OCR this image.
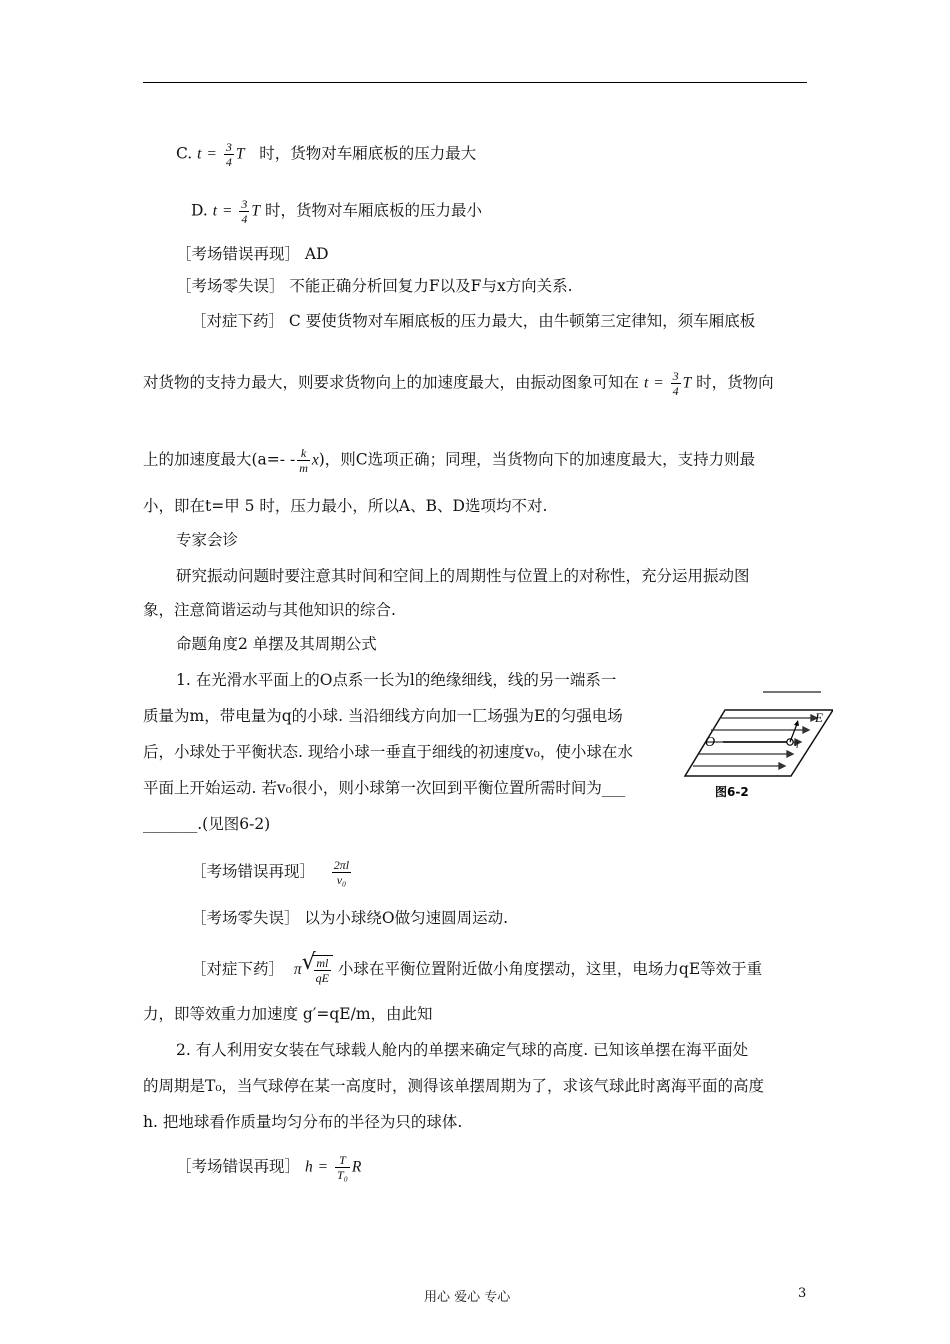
C. $t = \frac{3}{4}$ T 时，货物对车厢底板的压力最大
D. $t = \frac{3}{4}$ T 时，货物对车厢底板的压力最小
［考场错误再现］ AD
［考场零失误］ 不能正确分析回复力F以及F与x方向关系.
［对症下药］ C 要使货物对车厢底板的压力最大，由牛顿第三定律知，须车厢底板
对货物的支持力最大，则要求货物向上的加速度最大，由振动图象可知在 $t = \frac{3}{4}$ T 时，货物向
上的加速度最大$(a=- - \frac{k}{m} x)$，则C选项正确；同理，当货物向下的加速度最大，支持力则最
小，即在t=甲 5 时，压力最小，所以A、B、D选项均不对.
专家会诊
研究振动问题时要注意其时间和空间上的周期性与位置上的对称性，充分运用振动图
象，注意简谐运动与其他知识的综合.
命题角度2 单摆及其周期公式
1. 在光滑水平面上的O点系一长为l的绝缘细线，线的另一端系一
质量为m，带电量为q的小球. 当沿细线方向加一匸场强为E的匀强电场
后，小球处于平衡状态. 现给小球一垂直于细线的初速度v₀，使小球在水
平面上开始运动. 若v₀很小，则小球第一次回到平衡位置所需时间为___
_______.(见图6-2)
E
O	q
图6-2
［考场错误再现］ $\frac{2\pi l}{\text{v₀}}$
［考场零失误］ 以为小球绕O做匀速圆周运动.
［对症下药］ π √
$\frac{ml}{qE}$ 小球在平衡位置附近做小角度摆动，这里，电场力qE等效于重
力，即等效重力加速度 g′=qE/m，由此知
2. 有人利用安女装在气球载人舱内的单摆来确定气球的高度. 已知该单摆在海平面处
的周期是T₀，当气球停在某一高度时，测得该单摆周期为了，求该气球此时离海平面的高度
h. 把地球看作质量均匀分布的半径为只的球体.
［考场错误再现］ $h = \frac{T}{\text{T₀}}$ R
用心 爱心 专心	3
